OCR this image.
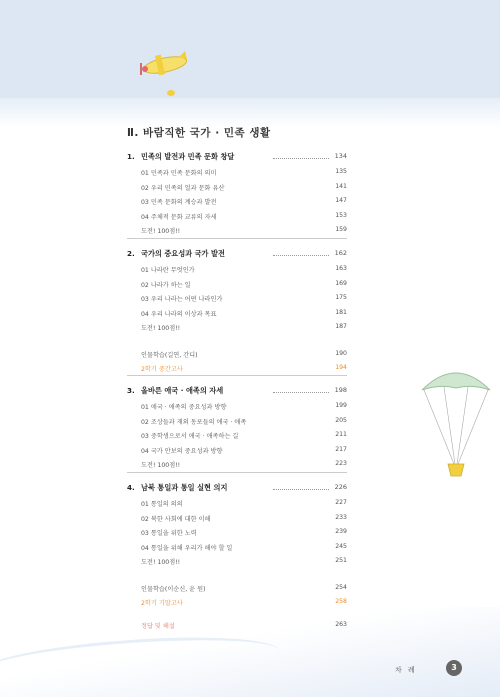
Ⅱ. 바람직한 국가 · 민족 생활
1. 민족의 발전과 민족 문화 창달	134
01 민족과 민족 문화의 의미	135
02 우리 민족의 얼과 문화 유산	141
03 민족 문화의 계승과 발전	147
04 주체적 문화 교류의 자세	153
도전! 100점!!	159
2. 국가의 중요성과 국가 발전	162
01 나라란 무엇인가	163
02 나라가 하는 일	169
03 우리 나라는 어떤 나라인가	175
04 우리 나라의 이상과 목표	181
도전! 100점!!	187
인물학습(길연, 간디)	190
2학기 중간고사	194
3. 올바른 애국 · 애족의 자세	198
01 애국 · 애족의 중요성과 방향	199
02 조상들과 재외 동포들의 애국 · 애족	205
03 중학생으로서 애국 · 애족하는 길	211
04 국가 안보의 중요성과 방향	217
도전! 100점!!	223
4. 남북 통일과 통일 실현 의지	226
01 통일의 의의	227
02 북한 사회에 대한 이해	233
03 통일을 위한 노력	239
04 통일을 위해 우리가 해야 할 일	245
도전! 100점!!	251
인물학습(이순신, 윤 원)	254
2학기 기말고사	258
정답 및 해설	263
차 례	3
